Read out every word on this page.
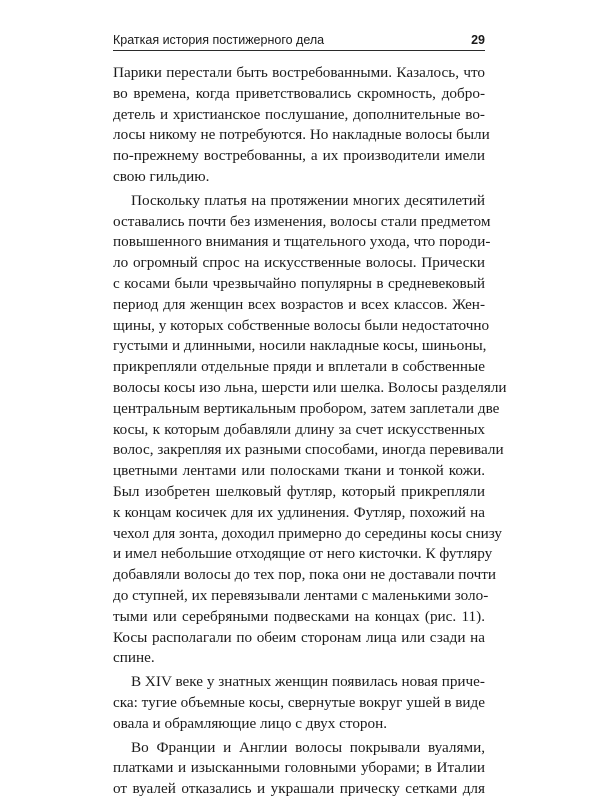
Краткая история постижерного дела	29

Парики перестали быть востребованными. Казалось, что
во времена, когда приветствовались скромность, добро-
детель и христианское послушание, дополнительные во-
лосы никому не потребуются. Но накладные волосы были
по-прежнему востребованны, а их производители имели
свою гильдию.

Поскольку платья на протяжении многих десятилетий
оставались почти без изменения, волосы стали предметом
повышенного внимания и тщательного ухода, что породи-
ло огромный спрос на искусственные волосы. Прически
с косами были чрезвычайно популярны в средневековый
период для женщин всех возрастов и всех классов. Жен-
щины, у которых собственные волосы были недостаточно
густыми и длинными, носили накладные косы, шиньоны,
прикрепляли отдельные пряди и вплетали в собственные
волосы косы изо льна, шерсти или шелка. Волосы разделяли
центральным вертикальным пробором, затем заплетали две
косы, к которым добавляли длину за счет искусственных
волос, закрепляя их разными способами, иногда перевивали
цветными лентами или полосками ткани и тонкой кожи.
Был изобретен шелковый футляр, который прикрепляли
к концам косичек для их удлинения. Футляр, похожий на
чехол для зонта, доходил примерно до середины косы снизу
и имел небольшие отходящие от него кисточки. К футляру
добавляли волосы до тех пор, пока они не доставали почти
до ступней, их перевязывали лентами с маленькими золо-
тыми или серебряными подвесками на концах (рис. 11).
Косы располагали по обеим сторонам лица или сзади на
спине.

В XIV веке у знатных женщин появилась новая приче-
ска: тугие объемные косы, свернутые вокруг ушей в виде
овала и обрамляющие лицо с двух сторон.

Во Франции и Англии волосы покрывали вуалями,
платками и изысканными головными уборами; в Италии
от вуалей отказались и украшали прическу сетками для
